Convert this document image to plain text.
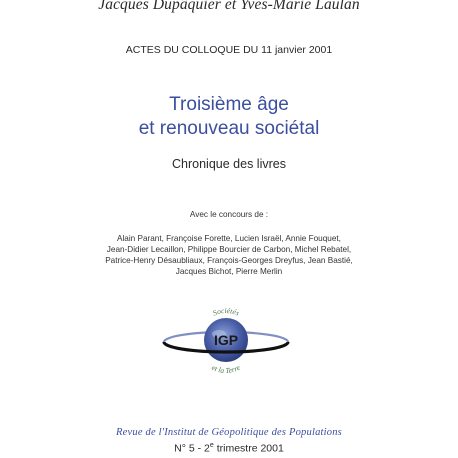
Jacques Dupâquier et Yves-Marie Laulan
ACTES DU COLLOQUE DU 11 janvier 2001
Troisième âge
et renouveau sociétal
Chronique des livres
Avec le concours de :
Alain Parant, Françoise Forette, Lucien Israël, Annie Fouquet,
Jean-Didier Lecaillon, Philippe Bourcier de Carbon, Michel Rebatel,
Patrice-Henry Désaubliaux, François-Georges Dreyfus, Jean Bastié,
Jacques Bichot, Pierre Merlin
IGP
Sociétés
et la Terre
Revue de l'Institut de Géopolitique des Populations
N° 5 - 2e trimestre 2001
